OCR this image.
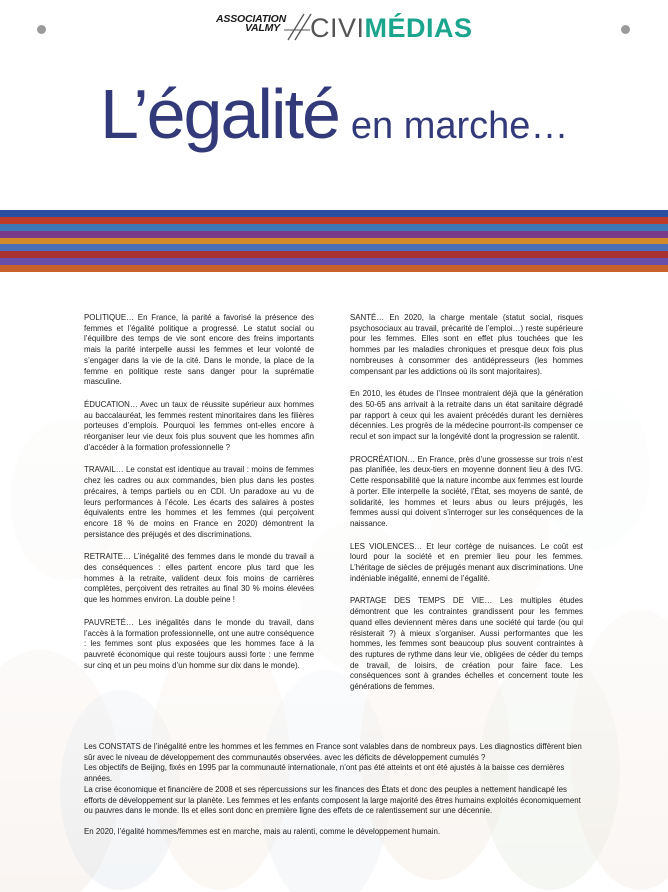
ASSOCIATION
VALMY CIVIMÉDIAS
L’égalité en marche…

POLITIQUE… En France, la parité a favorisé la présence des femmes et l’égalité politique a progressé. Le statut social ou l’équilibre des temps de vie sont encore des freins importants mais la parité interpelle aussi les femmes et leur volonté de s’engager dans la vie de la cité. Dans le monde, la place de la femme en politique reste sans danger pour la suprématie masculine.

ÉDUCATION… Avec un taux de réussite supérieur aux hommes au baccalauréat, les femmes restent minoritaires dans les filières porteuses d’emplois. Pourquoi les femmes ont-elles encore à réorganiser leur vie deux fois plus souvent que les hommes afin d’accéder à la formation professionnelle ?

TRAVAIL… Le constat est identique au travail : moins de femmes chez les cadres ou aux commandes, bien plus dans les postes précaires, à temps partiels ou en CDI. Un paradoxe au vu de leurs performances à l’école. Les écarts des salaires à postes équivalents entre les hommes et les femmes (qui perçoivent encore 18 % de moins en France en 2020) démontrent la persistance des préjugés et des discriminations.

RETRAITE… L’inégalité des femmes dans le monde du travail a des conséquences : elles partent encore plus tard que les hommes à la retraite, valident deux fois moins de carrières complètes, perçoivent des retraites au final 30 % moins élevées que les hommes environ. La double peine !

PAUVRETÉ… Les inégalités dans le monde du travail, dans l’accès à la formation professionnelle, ont une autre conséquence : les femmes sont plus exposées que les hommes face à la pauvreté économique qui reste toujours aussi forte : une femme sur cinq et un peu moins d’un homme sur dix dans le monde).

SANTÉ… En 2020, la charge mentale (statut social, risques psychosociaux au travail, précarité de l’emploi…) reste supérieure pour les femmes. Elles sont en effet plus touchées que les hommes par les maladies chroniques et presque deux fois plus nombreuses à consommer des antidépresseurs (les hommes compensant par les addictions où ils sont majoritaires).

En 2010, les études de l’Insee montraient déjà que la génération des 50-65 ans arrivait à la retraite dans un état sanitaire dégradé par rapport à ceux qui les avaient précédés durant les dernières décennies. Les progrès de la médecine pourront-ils compenser ce recul et son impact sur la longévité dont la progression se ralentit.

PROCRÉATION… En France, près d’une grossesse sur trois n’est pas planifiée, les deux-tiers en moyenne donnent lieu à des IVG. Cette responsabilité que la nature incombe aux femmes est lourde à porter. Elle interpelle la société, l’État, ses moyens de santé, de solidarité, les hommes et leurs abus ou leurs préjugés, les femmes aussi qui doivent s’interroger sur les conséquences de la naissance.

LES VIOLENCES… Et leur cortège de nuisances. Le coût est lourd pour la société et en premier lieu pour les femmes. L’héritage de siècles de préjugés menant aux discriminations. Une indéniable inégalité, ennemi de l’égalité.

PARTAGE DES TEMPS DE VIE… Les multiples études démontrent que les contraintes grandissent pour les femmes quand elles deviennent mères dans une société qui tarde (ou qui résisterait ?) à mieux s’organiser. Aussi performantes que les hommes, les femmes sont beaucoup plus souvent contraintes à des ruptures de rythme dans leur vie, obligées de céder du temps de travail, de loisirs, de création pour faire face. Les conséquences sont à grandes échelles et concernent toute les générations de femmes.

Les CONSTATS de l’inégalité entre les hommes et les femmes en France sont valables dans de nombreux pays. Les diagnostics diffèrent bien sûr avec le niveau de développement des communautés observées. avec les déficits de développement cumulés ?

Les objectifs de Beijing, fixés en 1995 par la communauté internationale, n’ont pas été atteints et ont été ajustés à la baisse ces dernières années.

La crise économique et financière de 2008 et ses répercussions sur les finances des États et donc des peuples a nettement handicapé les efforts de développement sur la planète. Les femmes et les enfants composent la large majorité des êtres humains exploités économiquement ou pauvres dans le monde. Ils et elles sont donc en première ligne des effets de ce ralentissement sur une décennie.

En 2020, l’égalité hommes/femmes est en marche, mais au ralenti, comme le développement humain.
